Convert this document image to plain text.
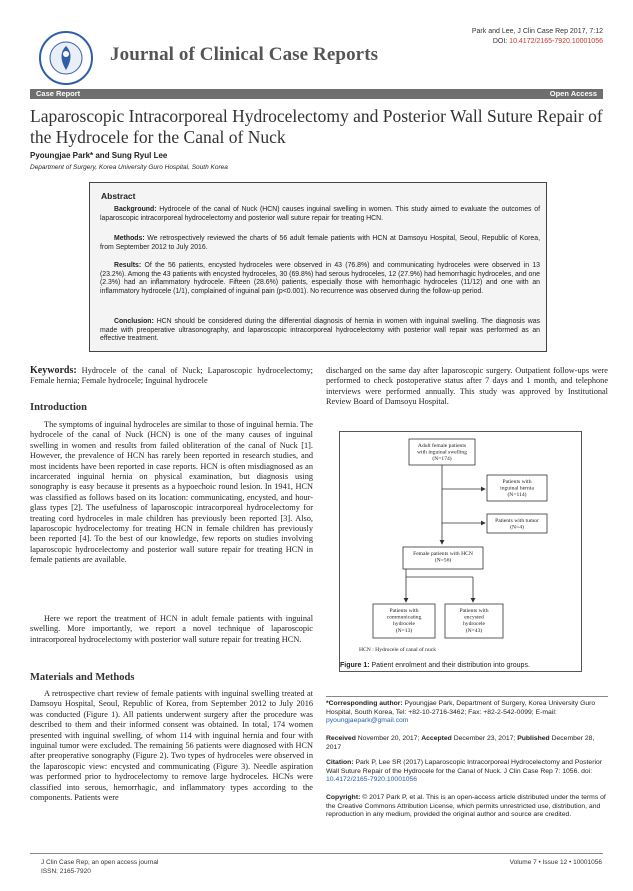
Journal of Clinical Case Reports
Park and Lee, J Clin Case Rep 2017, 7:12
DOI: 10.4172/2165-7920.10001056
Case Report	Open Access
Laparoscopic Intracorporeal Hydrocelectomy and Posterior Wall Suture Repair of the Hydrocele for the Canal of Nuck
Pyoungjae Park* and Sung Ryul Lee
Department of Surgery, Korea University Guro Hospital, South Korea
Abstract
Background: Hydrocele of the canal of Nuck (HCN) causes inguinal swelling in women. This study aimed to evaluate the outcomes of laparoscopic intracorporeal hydrocelectomy and posterior wall suture repair for treating HCN.
Methods: We retrospectively reviewed the charts of 56 adult female patients with HCN at Damsoyu Hospital, Seoul, Republic of Korea, from September 2012 to July 2016.
Results: Of the 56 patients, encysted hydroceles were observed in 43 (76.8%) and communicating hydroceles were observed in 13 (23.2%). Among the 43 patients with encysted hydroceles, 30 (69.8%) had serous hydroceles, 12 (27.9%) had hemorrhagic hydroceles, and one (2.3%) had an inflammatory hydrocele. Fifteen (28.6%) patients, especially those with hemorrhagic hydroceles (11/12) and one with an inflammatory hydrocele (1/1), complained of inguinal pain (p<0.001). No recurrence was observed during the follow-up period.
Conclusion: HCN should be considered during the differential diagnosis of hernia in women with inguinal swelling. The diagnosis was made with preoperative ultrasonography, and laparoscopic intracorporeal hydrocelectomy with posterior wall repair was performed as an effective treatment.
Keywords: Hydrocele of the canal of Nuck; Laparoscopic hydrocelectomy; Female hernia; Female hydrocele; Inguinal hydrocele
Introduction
The symptoms of inguinal hydroceles are similar to those of inguinal hernia. The hydrocele of the canal of Nuck (HCN) is one of the many causes of inguinal swelling in women and results from failed obliteration of the canal of Nuck [1]. However, the prevalence of HCN has rarely been reported in research studies, and most incidents have been reported in case reports. HCN is often misdiagnosed as an incarcerated inguinal hernia on physical examination, but diagnosis using sonography is easy because it presents as a hypoechoic round lesion. In 1941, HCN was classified as follows based on its location: communicating, encysted, and hour-glass types [2]. The usefulness of laparoscopic intracorporeal hydrocelectomy for treating cord hydroceles in male children has previously been reported [3]. Also, laparoscopic hydrocelectomy for treating HCN in female children has previously been reported [4]. To the best of our knowledge, few reports on studies involving laparoscopic hydrocelectomy and posterior wall suture repair for treating HCN in female patients are available.
Here we report the treatment of HCN in adult female patients with inguinal swelling. More importantly, we report a novel technique of laparoscopic intracorporeal hydrocelectomy with posterior wall suture repair for treating HCN.
Materials and Methods
A retrospective chart review of female patients with inguinal swelling treated at Damsoyu Hospital, Seoul, Republic of Korea, from September 2012 to July 2016 was conducted (Figure 1). All patients underwent surgery after the procedure was described to them and their informed consent was obtained. In total, 174 women presented with inguinal swelling, of whom 114 with inguinal hernia and four with inguinal tumor were excluded. The remaining 56 patients were diagnosed with HCN after preoperative sonography (Figure 2). Two types of hydroceles were observed in the laparoscopic view: encysted and communicating (Figure 3). Needle aspiration was performed prior to hydrocelectomy to remove large hydroceles. HCNs were classified into serous, hemorrhagic, and inflammatory types according to the components. Patients were
discharged on the same day after laparoscopic surgery. Outpatient follow-ups were performed to check postoperative status after 7 days and 1 month, and telephone interviews were performed annually. This study was approved by Institutional Review Board of Damsoyu Hospital.
Adult female patients with inguinal swelling (N=174)
Patients with inguinal hernia (N=114)
Patients with tumor (N=4)
Female patients with HCN (N=56)
Patients with communicating hydrocele (N=13)
Patients with encysted hydrocele (N=43)
HCN : Hydrocele of canal of nuck
Figure 1: Patient enrolment and their distribution into groups.
*Corresponding author: Pyoungjae Park, Department of Surgery, Korea University Guro Hospital, South Korea, Tel: +82-10-2716-3462; Fax: +82-2-542-0099; E-mail: pyoungjaepark@gmail.com
Received November 20, 2017; Accepted December 23, 2017; Published December 28, 2017
Citation: Park P, Lee SR (2017) Laparoscopic Intracorporeal Hydrocelectomy and Posterior Wall Suture Repair of the Hydrocele for the Canal of Nuck. J Clin Case Rep 7: 1056. doi: 10.4172/2165-7920.10001056
Copyright: © 2017 Park P, et al. This is an open-access article distributed under the terms of the Creative Commons Attribution License, which permits unrestricted use, distribution, and reproduction in any medium, provided the original author and source are credited.
J Clin Case Rep, an open access journal
ISSN: 2165-7920
Volume 7 • Issue 12 • 10001056
